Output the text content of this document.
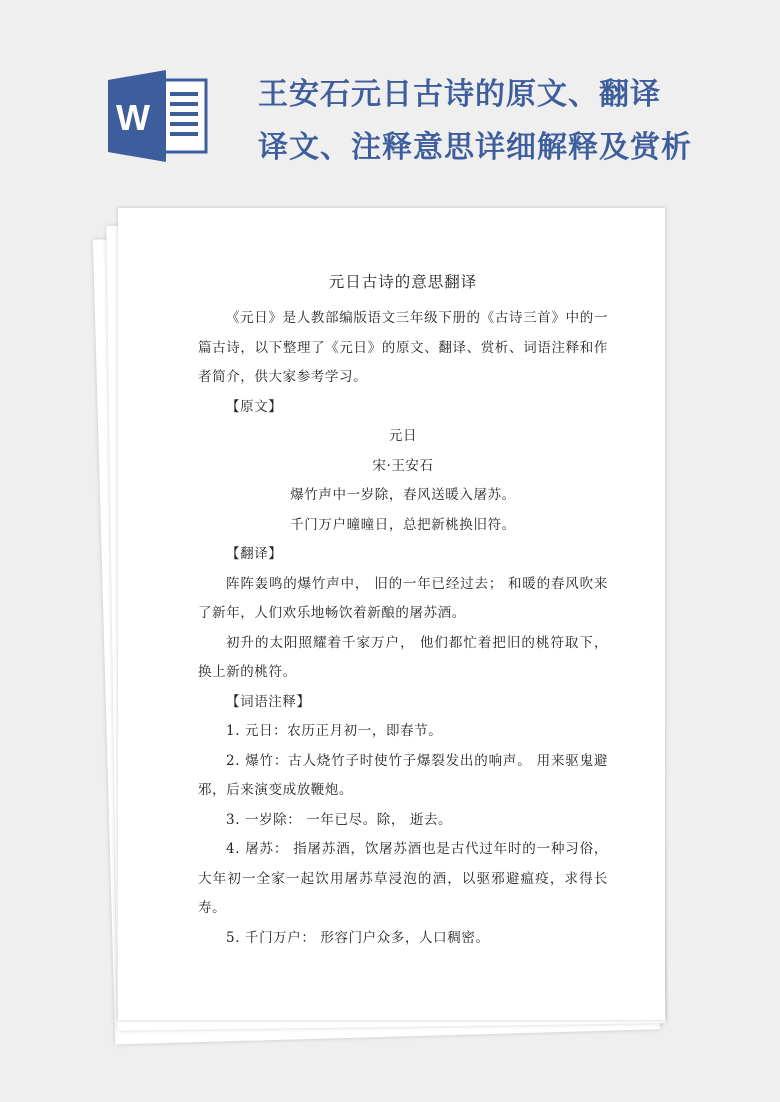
W
王安石元日古诗的原文、翻译
译文、注释意思详细解释及赏析
元日古诗的意思翻译

《元日》是人教部编版语文三年级下册的《古诗三首》中的一篇古诗，以下整理了《元日》的原文、翻译、赏析、词语注释和作者简介，供大家参考学习。

【原文】

元日

宋·王安石

爆竹声中一岁除，春风送暖入屠苏。

千门万户曈曈日，总把新桃换旧符。

【翻译】

阵阵轰鸣的爆竹声中， 旧的一年已经过去； 和暖的春风吹来了新年，人们欢乐地畅饮着新酿的屠苏酒。

初升的太阳照耀着千家万户， 他们都忙着把旧的桃符取下， 换上新的桃符。

【词语注释】

1. 元日：农历正月初一，即春节。

2. 爆竹：古人烧竹子时使竹子爆裂发出的响声。 用来驱鬼避邪，后来演变成放鞭炮。

3. 一岁除： 一年已尽。除， 逝去。

4. 屠苏： 指屠苏酒，饮屠苏酒也是古代过年时的一种习俗，大年初一全家一起饮用屠苏草浸泡的酒，以驱邪避瘟疫，求得长寿。

5. 千门万户： 形容门户众多，人口稠密。
